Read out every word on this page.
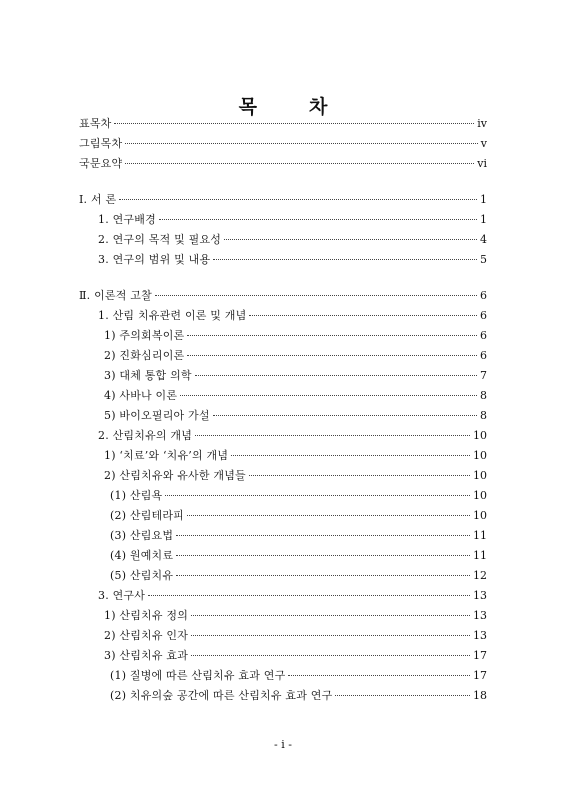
목	차
표목차	ⅳ
그림목차	ⅴ
국문요약	ⅵ
Ⅰ. 서 론	1
1. 연구배경	1
2. 연구의 목적 및 필요성	4
3. 연구의 범위 및 내용	5
Ⅱ. 이론적 고찰	6
1. 산림 치유관련 이론 및 개념	6
1) 주의회복이론	6
2) 진화심리이론	6
3) 대체 통합 의학	7
4) 사바나 이론	8
5) 바이오필리아 가설	8
2. 산림치유의 개념	10
1) ‘치료’와 ‘치유’의 개념	10
2) 산림치유와 유사한 개념들	10
(1) 산림욕	10
(2) 산림테라피	10
(3) 산림요법	11
(4) 원예치료	11
(5) 산림치유	12
3. 연구사	13
1) 산림치유 정의	13
2) 산림치유 인자	13
3) 산림치유 효과	17
(1) 질병에 따른 산림치유 효과 연구	17
(2) 치유의숲 공간에 따른 산림치유 효과 연구	18
- i -
